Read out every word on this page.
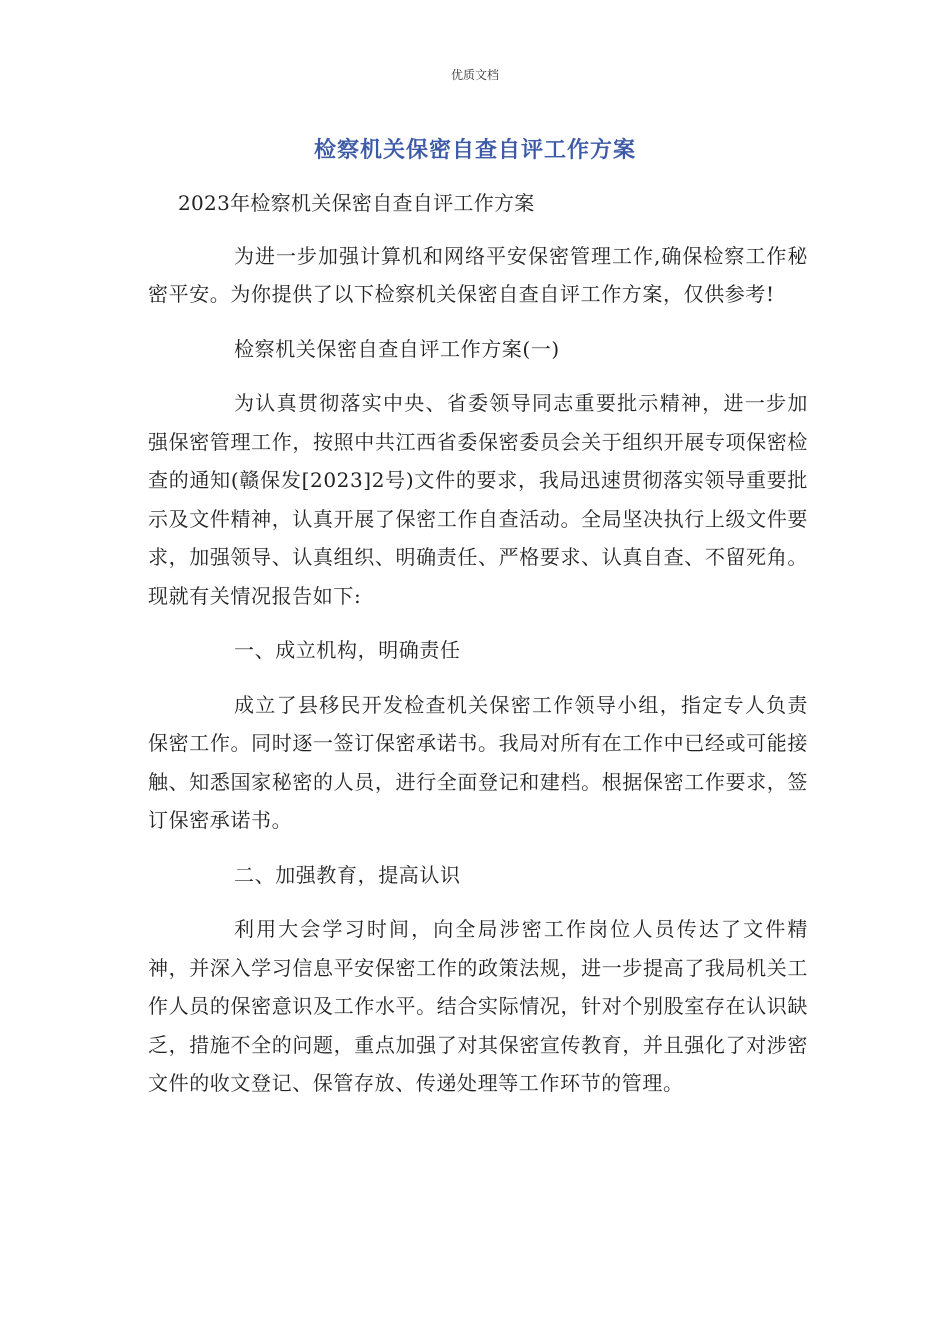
优质文档
检察机关保密自查自评工作方案

2023年检察机关保密自查自评工作方案

为进一步加强计算机和网络平安保密管理工作,确保检察工作秘密平安。为你提供了以下检察机关保密自查自评工作方案，仅供参考!

检察机关保密自查自评工作方案(一)

为认真贯彻落实中央、省委领导同志重要批示精神，进一步加强保密管理工作，按照中共江西省委保密委员会关于组织开展专项保密检查的通知(赣保发[2023]2号)文件的要求，我局迅速贯彻落实领导重要批示及文件精神，认真开展了保密工作自查活动。全局坚决执行上级文件要求，加强领导、认真组织、明确责任、严格要求、认真自查、不留死角。现就有关情况报告如下:

一、成立机构，明确责任

成立了县移民开发检查机关保密工作领导小组，指定专人负责保密工作。同时逐一签订保密承诺书。我局对所有在工作中已经或可能接触、知悉国家秘密的人员，进行全面登记和建档。根据保密工作要求，签订保密承诺书。

二、加强教育，提高认识

利用大会学习时间，向全局涉密工作岗位人员传达了文件精神，并深入学习信息平安保密工作的政策法规，进一步提高了我局机关工作人员的保密意识及工作水平。结合实际情况，针对个别股室存在认识缺乏，措施不全的问题，重点加强了对其保密宣传教育，并且强化了对涉密文件的收文登记、保管存放、传递处理等工作环节的管理。
